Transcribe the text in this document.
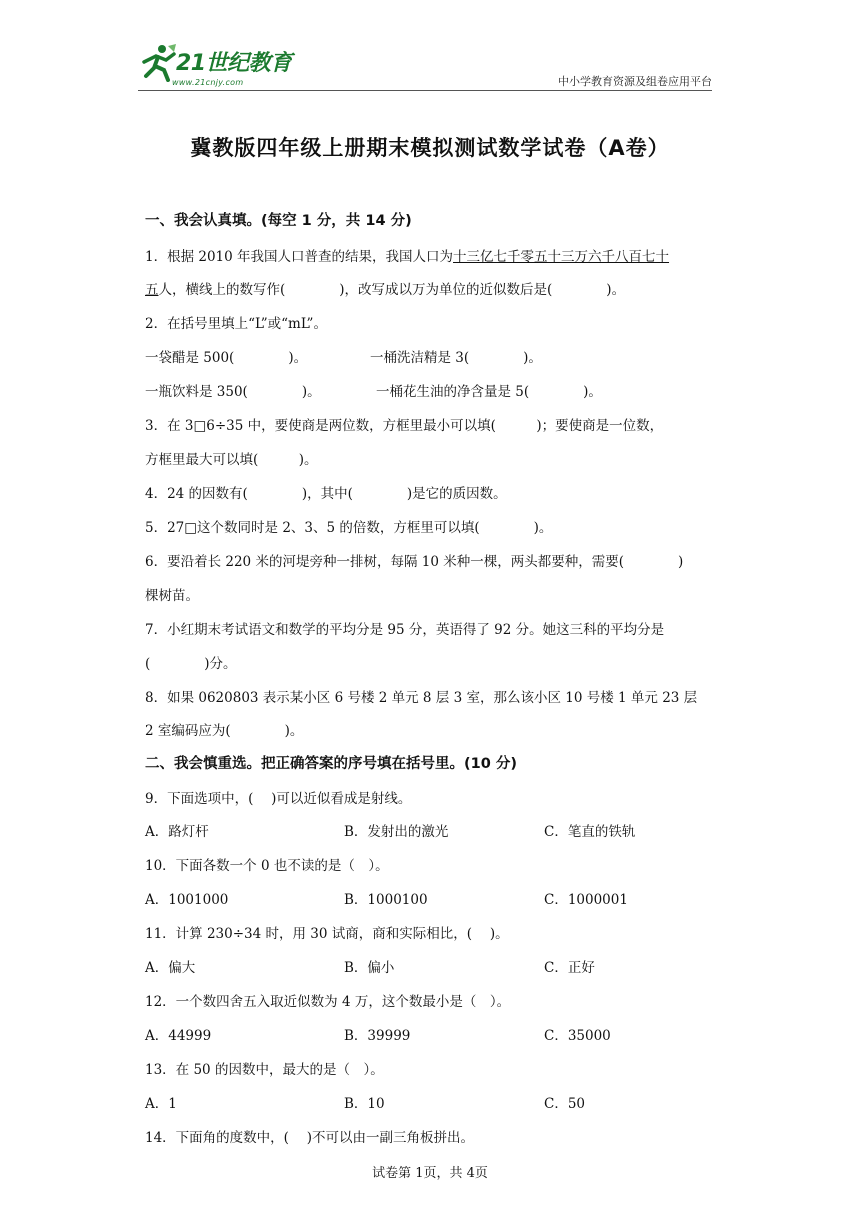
21世纪教育
www.21cnjy.com	中小学教育资源及组卷应用平台
冀教版四年级上册期末模拟测试数学试卷（A卷）
一、我会认真填。(每空 1 分，共 14 分)
1．根据 2010 年我国人口普查的结果，我国人口为十三亿七千零五十三万六千八百七十
五人，横线上的数写作(　　　　)，改写成以万为单位的近似数后是(　　　　)。
2．在括号里填上“L”或“mL”。
一袋醋是 500(　　　　)。	一桶洗洁精是 3(　　　　)。
一瓶饮料是 350(　　　　)。	一桶花生油的净含量是 5(　　　　)。
3．在 3□6÷35 中，要使商是两位数，方框里最小可以填(　　　)；要使商是一位数，
方框里最大可以填(　　　)。
4．24 的因数有(　　　　)，其中(　　　　)是它的质因数。
5．27□这个数同时是 2、3、5 的倍数，方框里可以填(　　　　)。
6．要沿着长 220 米的河堤旁种一排树，每隔 10 米种一棵，两头都要种，需要(　　　　)
棵树苗。
7．小红期末考试语文和数学的平均分是 95 分，英语得了 92 分。她这三科的平均分是
(　　　　)分。
8．如果 0620803 表示某小区 6 号楼 2 单元 8 层 3 室，那么该小区 10 号楼 1 单元 23 层
2 室编码应为(　　　　)。
二、我会慎重选。把正确答案的序号填在括号里。(10 分)
9．下面选项中，(　 )可以近似看成是射线。
A．路灯杆	B．发射出的激光	C．笔直的铁轨
10．下面各数一个 0 也不读的是（　）。
A．1001000	B．1000100	C．1000001
11．计算 230÷34 时，用 30 试商，商和实际相比，(　 )。
A．偏大	B．偏小	C．正好
12．一个数四舍五入取近似数为 4 万，这个数最小是（　）。
A．44999	B．39999	C．35000
13．在 50 的因数中，最大的是（　）。
A．1	B．10	C．50
14．下面角的度数中，(　 )不可以由一副三角板拼出。
试卷第 1页，共 4页
